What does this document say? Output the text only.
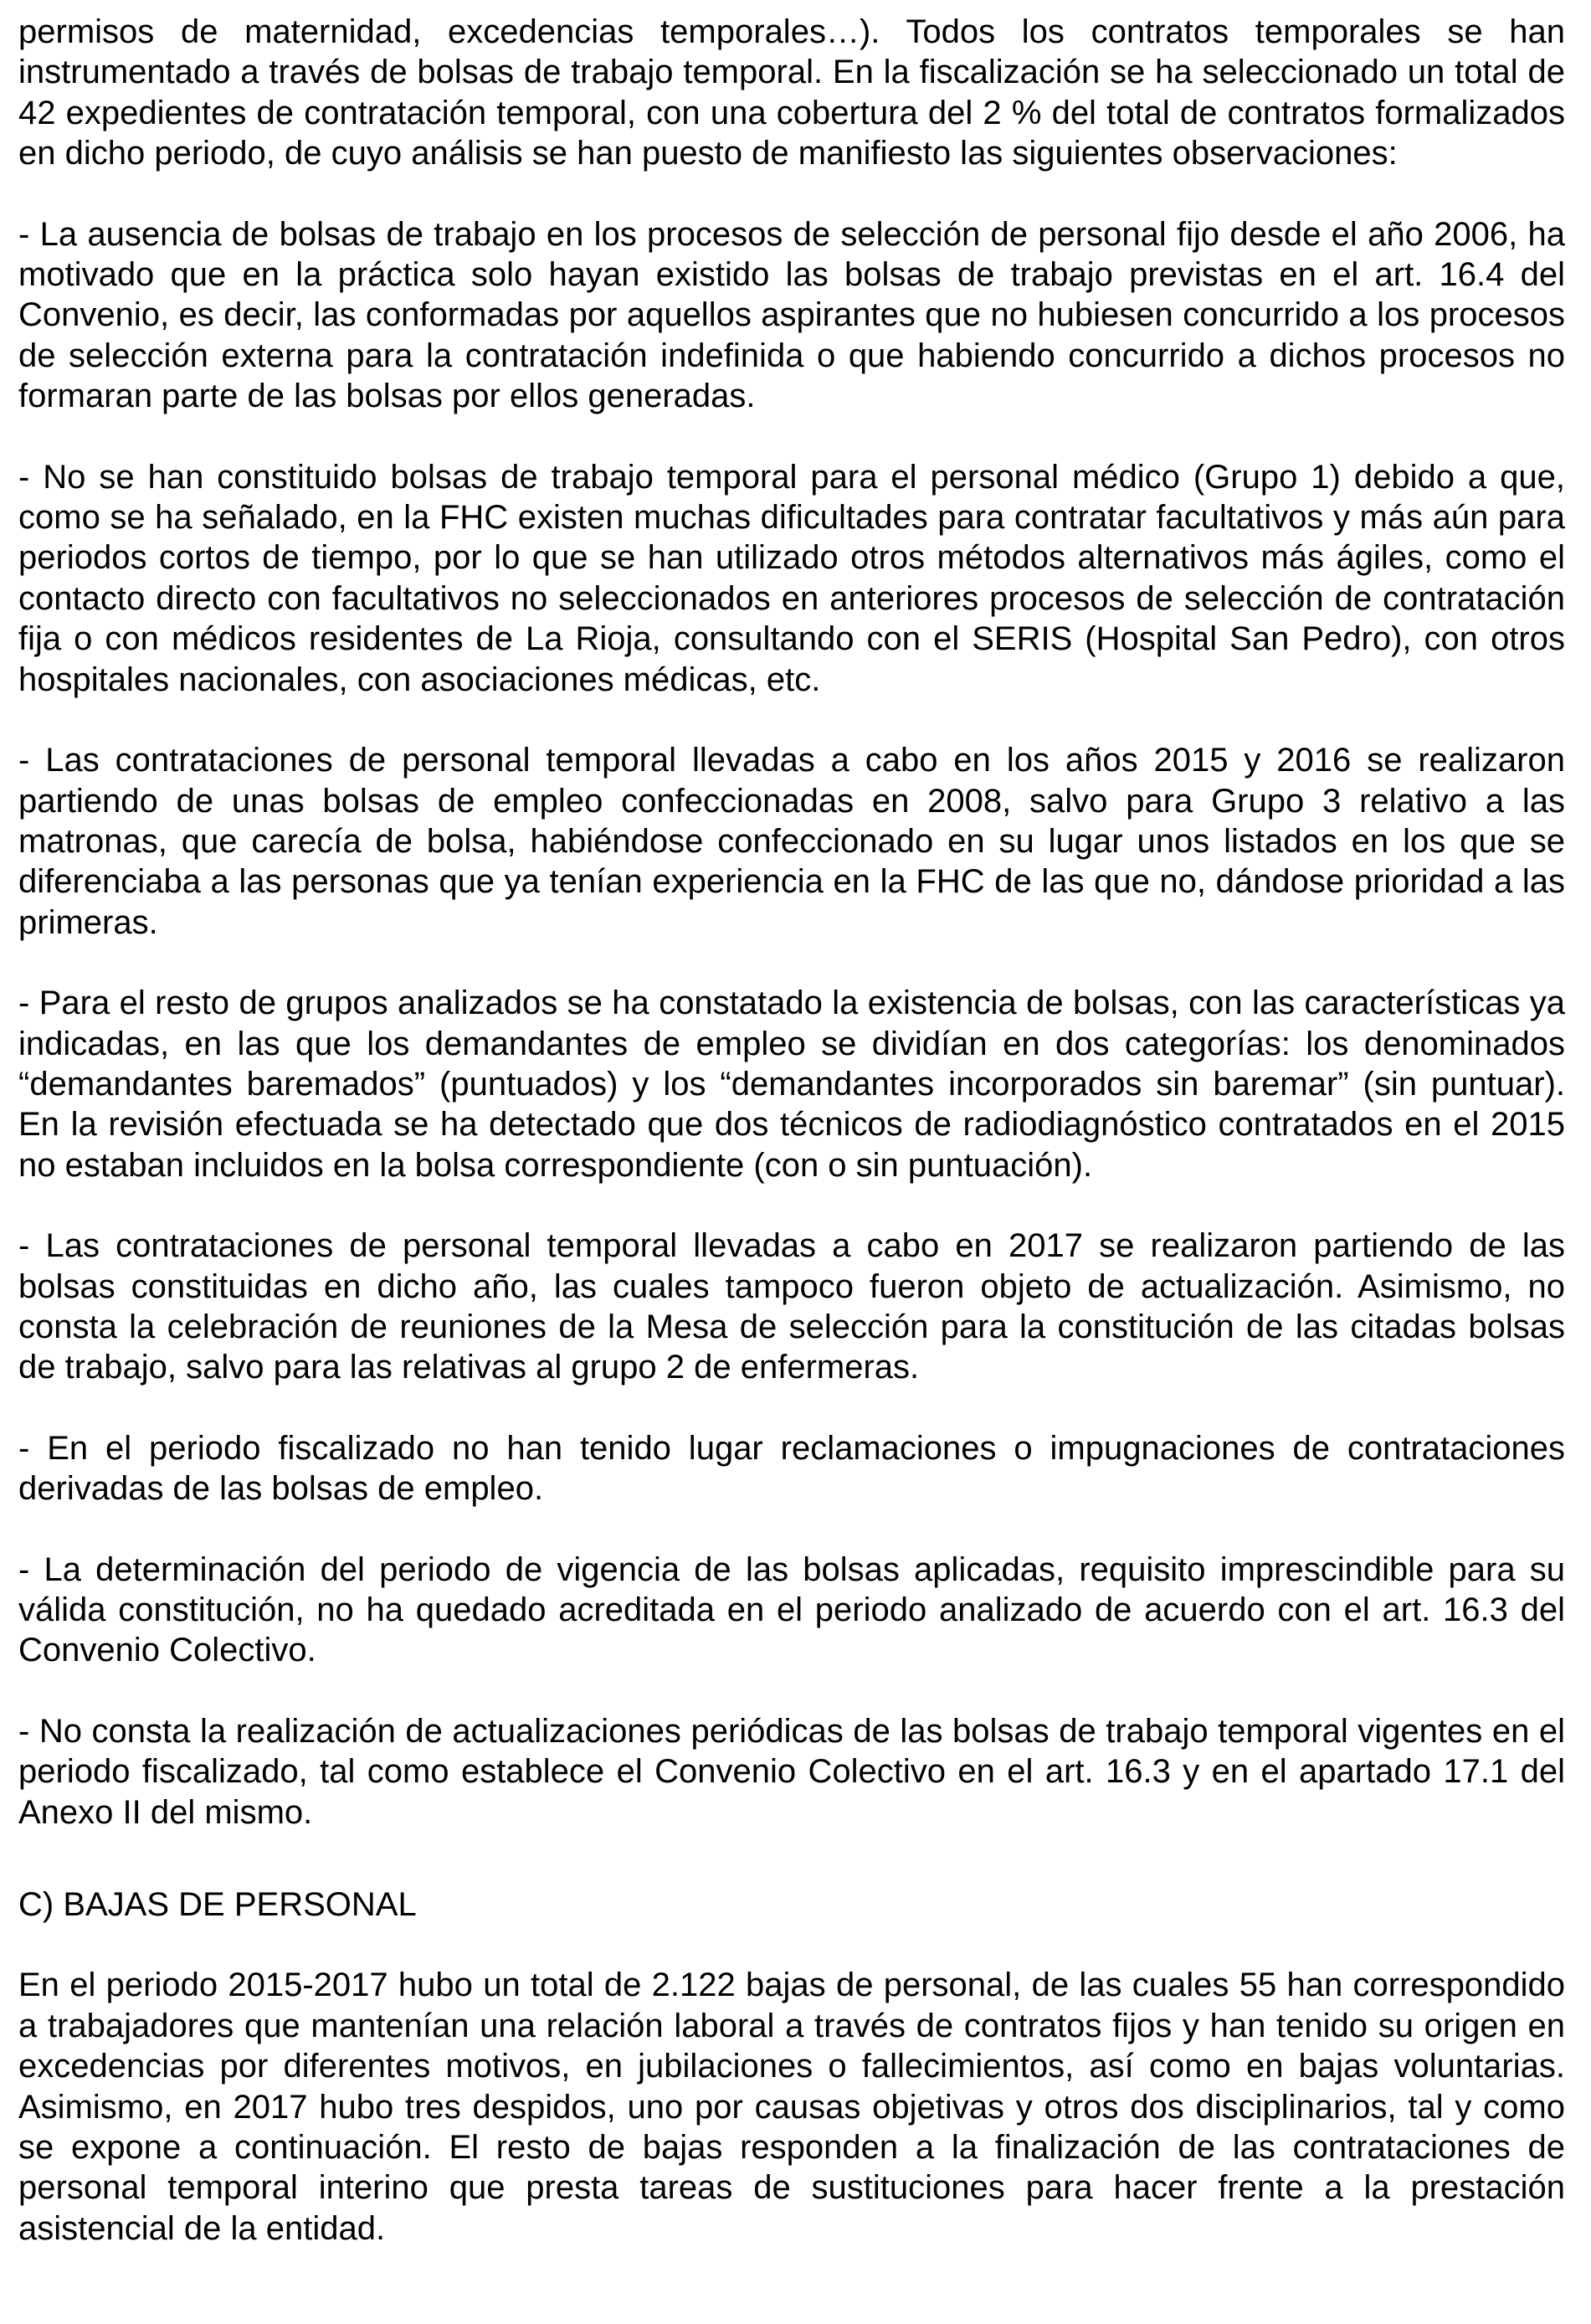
permisos de maternidad, excedencias temporales…). Todos los contratos temporales se han instrumentado a través de bolsas de trabajo temporal. En la fiscalización se ha seleccionado un total de 42 expedientes de contratación temporal, con una cobertura del 2 % del total de contratos formalizados en dicho periodo, de cuyo análisis se han puesto de manifiesto las siguientes observaciones:

- La ausencia de bolsas de trabajo en los procesos de selección de personal fijo desde el año 2006, ha motivado que en la práctica solo hayan existido las bolsas de trabajo previstas en el art. 16.4 del Convenio, es decir, las conformadas por aquellos aspirantes que no hubiesen concurrido a los procesos de selección externa para la contratación indefinida o que habiendo concurrido a dichos procesos no formaran parte de las bolsas por ellos generadas.

- No se han constituido bolsas de trabajo temporal para el personal médico (Grupo 1) debido a que, como se ha señalado, en la FHC existen muchas dificultades para contratar facultativos y más aún para periodos cortos de tiempo, por lo que se han utilizado otros métodos alternativos más ágiles, como el contacto directo con facultativos no seleccionados en anteriores procesos de selección de contratación fija o con médicos residentes de La Rioja, consultando con el SERIS (Hospital San Pedro), con otros hospitales nacionales, con asociaciones médicas, etc.

- Las contrataciones de personal temporal llevadas a cabo en los años 2015 y 2016 se realizaron partiendo de unas bolsas de empleo confeccionadas en 2008, salvo para Grupo 3 relativo a las matronas, que carecía de bolsa, habiéndose confeccionado en su lugar unos listados en los que se diferenciaba a las personas que ya tenían experiencia en la FHC de las que no, dándose prioridad a las primeras.

- Para el resto de grupos analizados se ha constatado la existencia de bolsas, con las características ya indicadas, en las que los demandantes de empleo se dividían en dos categorías: los denominados “demandantes baremados” (puntuados) y los “demandantes incorporados sin baremar” (sin puntuar). En la revisión efectuada se ha detectado que dos técnicos de radiodiagnóstico contratados en el 2015 no estaban incluidos en la bolsa correspondiente (con o sin puntuación).

- Las contrataciones de personal temporal llevadas a cabo en 2017 se realizaron partiendo de las bolsas constituidas en dicho año, las cuales tampoco fueron objeto de actualización. Asimismo, no consta la celebración de reuniones de la Mesa de selección para la constitución de las citadas bolsas de trabajo, salvo para las relativas al grupo 2 de enfermeras.

- En el periodo fiscalizado no han tenido lugar reclamaciones o impugnaciones de contrataciones derivadas de las bolsas de empleo.

- La determinación del periodo de vigencia de las bolsas aplicadas, requisito imprescindible para su válida constitución, no ha quedado acreditada en el periodo analizado de acuerdo con el art. 16.3 del Convenio Colectivo.

- No consta la realización de actualizaciones periódicas de las bolsas de trabajo temporal vigentes en el periodo fiscalizado, tal como establece el Convenio Colectivo en el art. 16.3 y en el apartado 17.1 del Anexo II del mismo.

C) BAJAS DE PERSONAL

En el periodo 2015-2017 hubo un total de 2.122 bajas de personal, de las cuales 55 han correspondido a trabajadores que mantenían una relación laboral a través de contratos fijos y han tenido su origen en excedencias por diferentes motivos, en jubilaciones o fallecimientos, así como en bajas voluntarias. Asimismo, en 2017 hubo tres despidos, uno por causas objetivas y otros dos disciplinarios, tal y como se expone a continuación. El resto de bajas responden a la finalización de las contrataciones de personal temporal interino que presta tareas de sustituciones para hacer frente a la prestación asistencial de la entidad.
